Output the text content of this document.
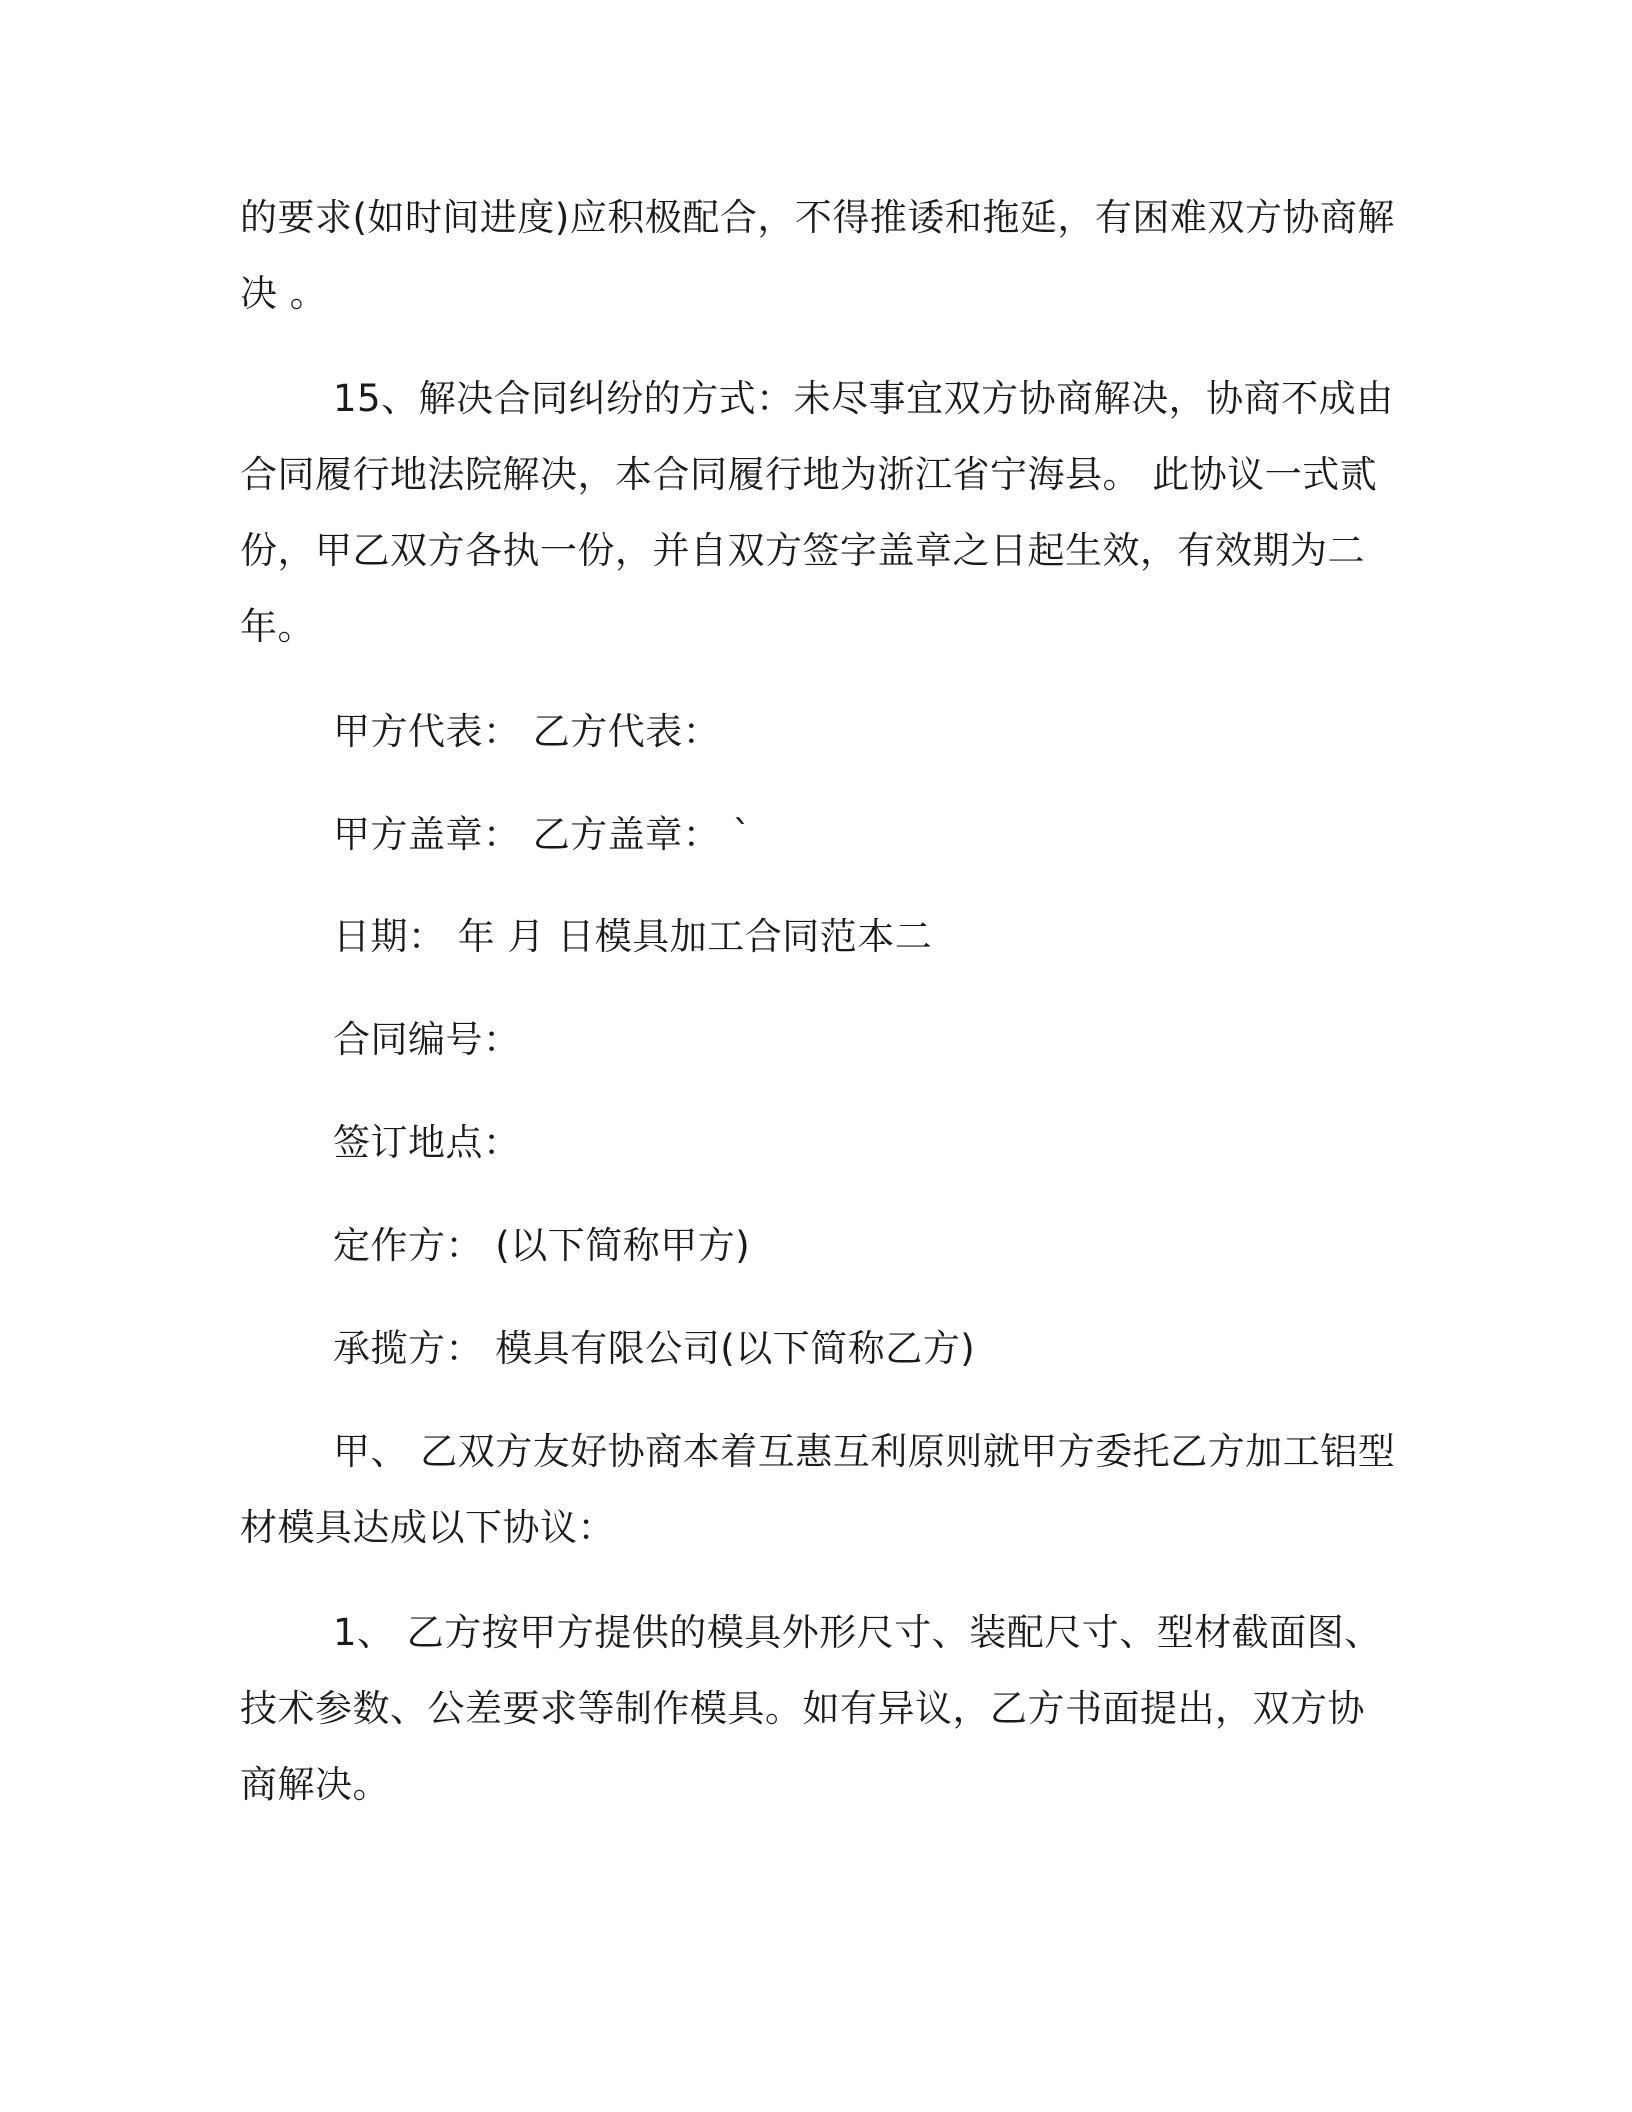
的要求(如时间进度)应积极配合，不得推诿和拖延，有困难双方协商解
决 。
15、解决合同纠纷的方式：未尽事宜双方协商解决，协商不成由
合同履行地法院解决，本合同履行地为浙江省宁海县。 此协议一式贰
份，甲乙双方各执一份，并自双方签字盖章之日起生效，有效期为二
年。
甲方代表： 乙方代表：
甲方盖章： 乙方盖章： `
日期： 年 月 日模具加工合同范本二
合同编号：
签订地点：
定作方： (以下简称甲方)
承揽方： 模具有限公司(以下简称乙方)
甲、 乙双方友好协商本着互惠互利原则就甲方委托乙方加工铝型
材模具达成以下协议：
1、 乙方按甲方提供的模具外形尺寸、装配尺寸、型材截面图、
技术参数、公差要求等制作模具。如有异议，乙方书面提出，双方协
商解决。
